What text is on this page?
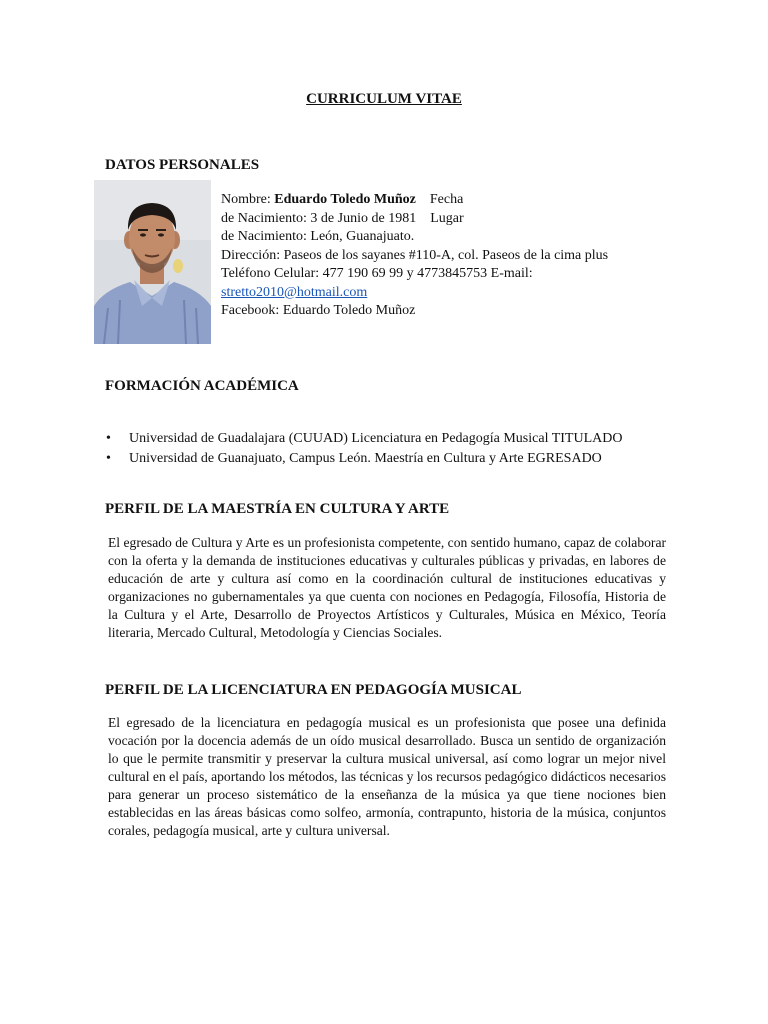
CURRICULUM VITAE
DATOS PERSONALES
Nombre: Eduardo Toledo Muñoz Fecha
de Nacimiento: 3 de Junio de 1981 Lugar
de Nacimiento: León, Guanajuato.
Dirección: Paseos de los sayanes #110-A, col. Paseos de la cima plus
Teléfono Celular: 477 190 69 99 y 4773845753 E-mail:
stretto2010@hotmail.com
Facebook: Eduardo Toledo Muñoz
FORMACIÓN ACADÉMICA
• Universidad de Guadalajara (CUUAD) Licenciatura en Pedagogía Musical TITULADO
• Universidad de Guanajuato, Campus León. Maestría en Cultura y Arte EGRESADO
PERFIL DE LA MAESTRÍA EN CULTURA Y ARTE

El egresado de Cultura y Arte es un profesionista competente, con sentido humano, capaz de colaborar con la oferta y la demanda de instituciones educativas y culturales públicas y privadas, en labores de educación de arte y cultura así como en la coordinación cultural de instituciones educativas y organizaciones no gubernamentales ya que cuenta con nociones en Pedagogía, Filosofía, Historia de la Cultura y el Arte, Desarrollo de Proyectos Artísticos y Culturales, Música en México, Teoría literaria, Mercado Cultural, Metodología y Ciencias Sociales.

PERFIL DE LA LICENCIATURA EN PEDAGOGÍA MUSICAL

El egresado de la licenciatura en pedagogía musical es un profesionista que posee una definida vocación por la docencia además de un oído musical desarrollado. Busca un sentido de organización lo que le permite transmitir y preservar la cultura musical universal, así como lograr un mejor nivel cultural en el país, aportando los métodos, las técnicas y los recursos pedagógico didácticos necesarios para generar un proceso sistemático de la enseñanza de la música ya que tiene nociones bien establecidas en las áreas básicas como solfeo, armonía, contrapunto, historia de la música, conjuntos corales, pedagogía musical, arte y cultura universal.
